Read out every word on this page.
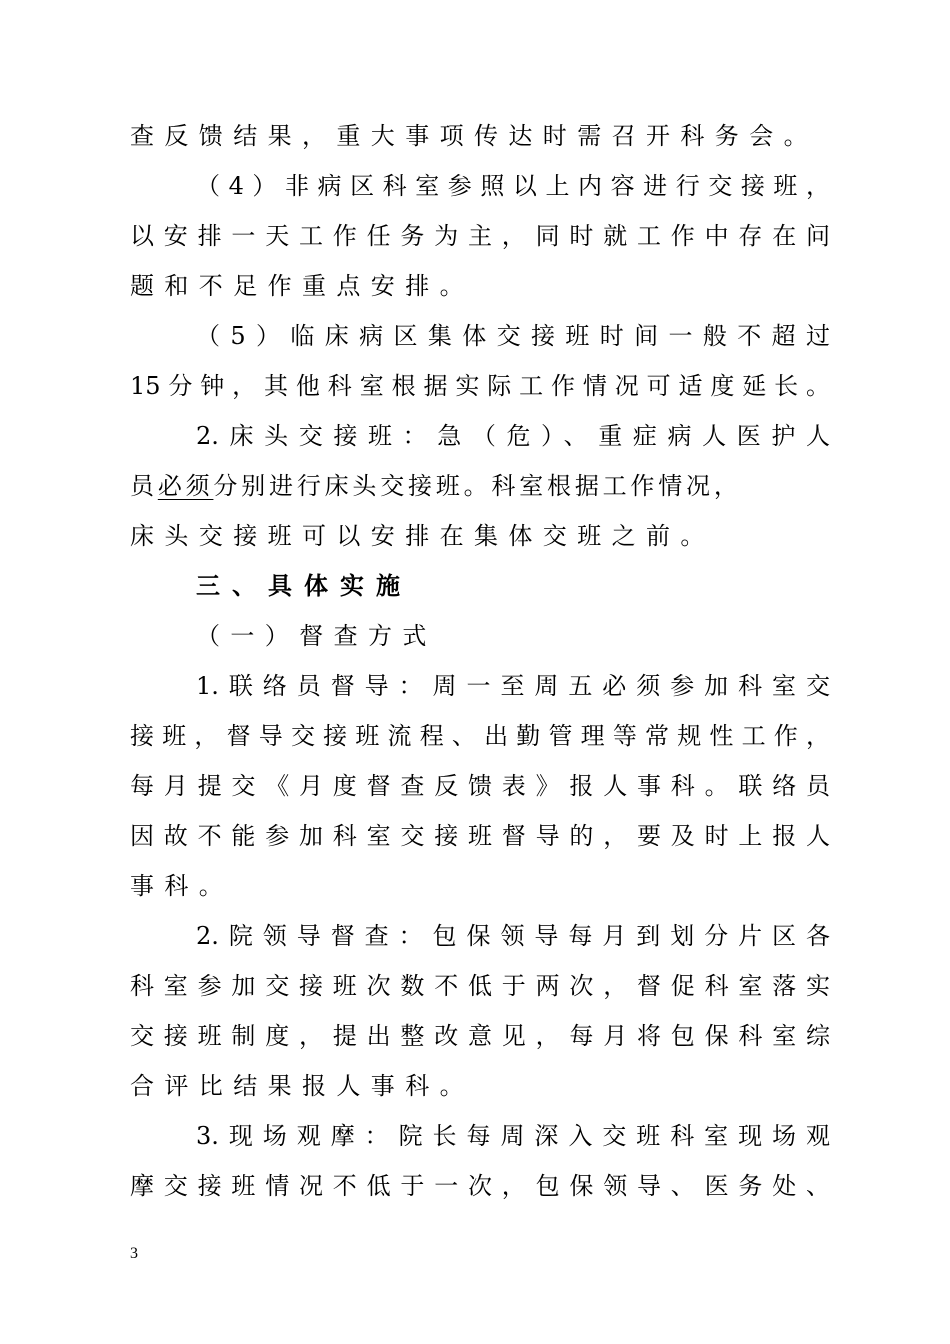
查反馈结果，重大事项传达时需召开科务会。
（4）非病区科室参照以上内容进行交接班，
以安排一天工作任务为主，同时就工作中存在问
题和不足作重点安排。
（5）临床病区集体交接班时间一般不超过
15分钟，其他科室根据实际工作情况可适度延长。
2.床头交接班：急（危）、重症病人医护人
员必须分别进行床头交接班。科室根据工作情况，
床头交接班可以安排在集体交班之前。
三、具体实施
（一）督查方式
1.联络员督导：周一至周五必须参加科室交
接班，督导交接班流程、出勤管理等常规性工作，
每月提交《月度督查反馈表》报人事科。联络员
因故不能参加科室交接班督导的，要及时上报人
事科。
2.院领导督查：包保领导每月到划分片区各
科室参加交接班次数不低于两次，督促科室落实
交接班制度，提出整改意见，每月将包保科室综
合评比结果报人事科。
3.现场观摩：院长每周深入交班科室现场观
摩交接班情况不低于一次，包保领导、医务处、
3
